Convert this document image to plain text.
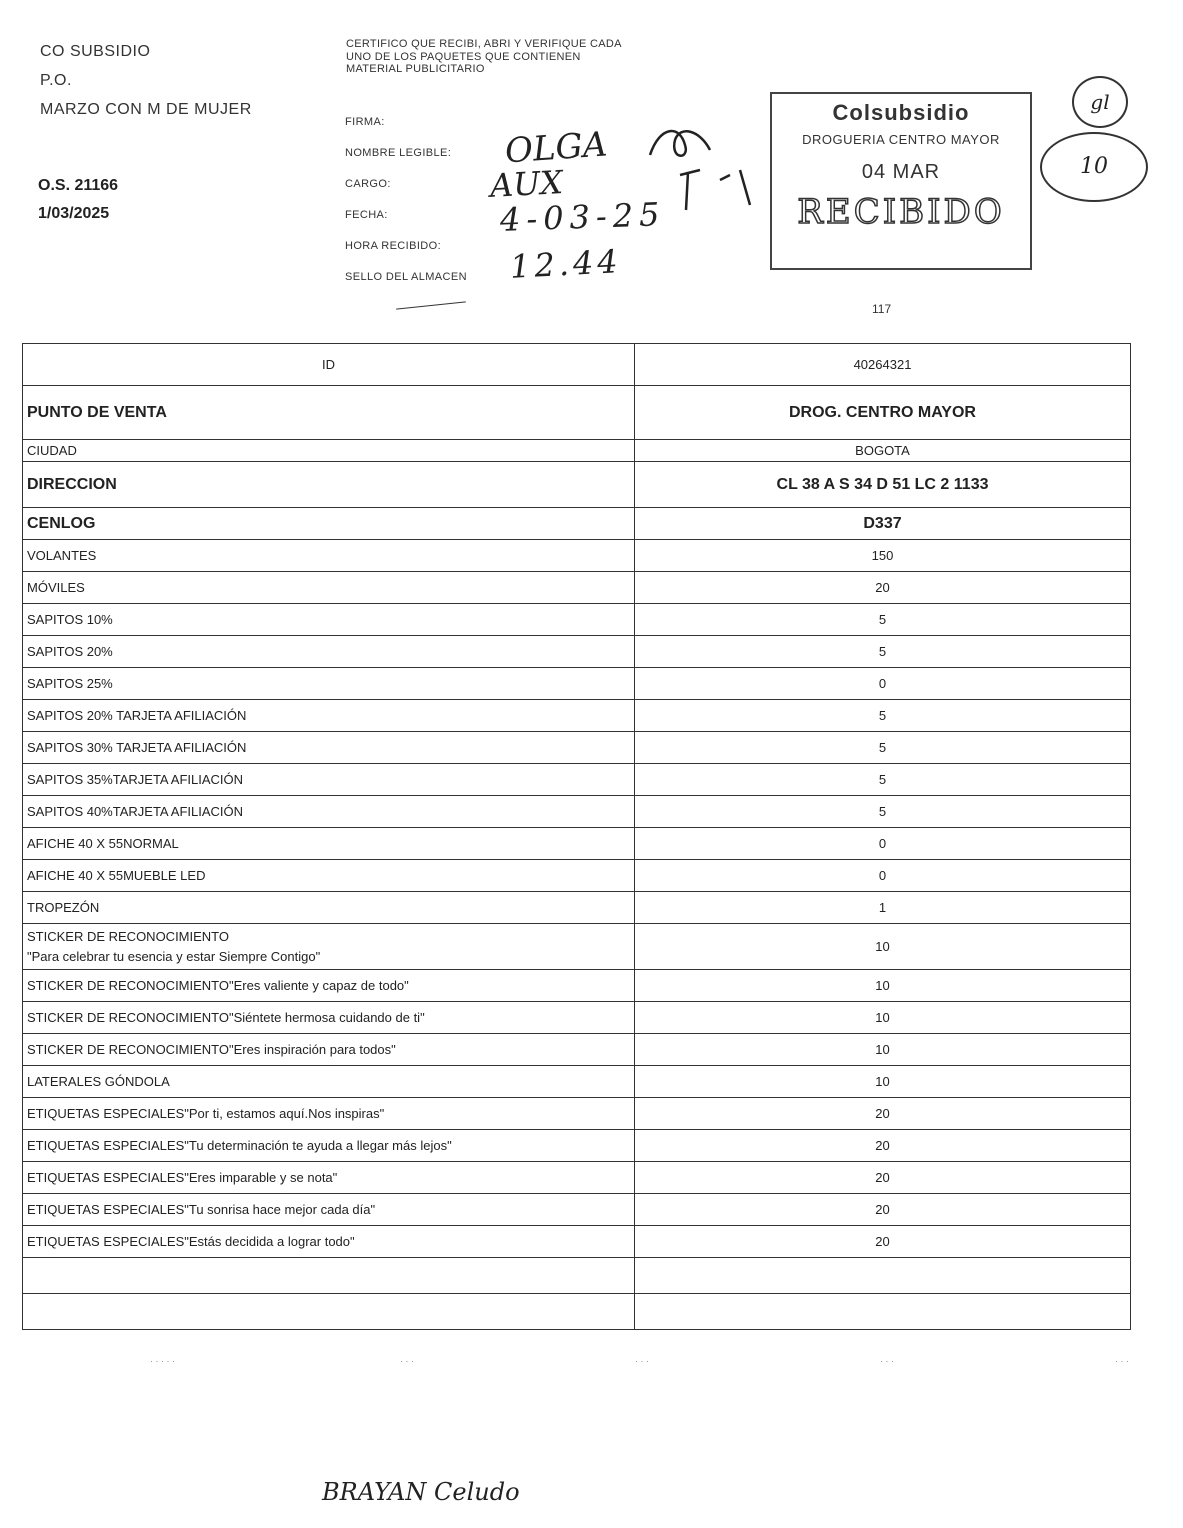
CO SUBSIDIO
P.O.
MARZO CON M DE MUJER
O.S. 21166
1/03/2025
CERTIFICO QUE RECIBI, ABRI Y VERIFIQUE CADA UNO DE LOS PAQUETES QUE CONTIENEN MATERIAL PUBLICITARIO
FIRMA:
NOMBRE LEGIBLE:
CARGO:
FECHA:
HORA RECIBIDO:
SELLO DEL ALMACEN
OLGA
AUX
4-03-25
12.44
Colsubsidio
DROGUERIA CENTRO MAYOR
04 MAR
RECIBIDO
gl
10
117
ID	40264321
PUNTO DE VENTA	DROG. CENTRO MAYOR
CIUDAD	BOGOTA
DIRECCION	CL 38 A S 34 D 51 LC 2 1133
CENLOG	D337
VOLANTES	150
MÓVILES	20
SAPITOS 10%	5
SAPITOS 20%	5
SAPITOS 25%	0
SAPITOS 20% TARJETA AFILIACIÓN	5
SAPITOS 30% TARJETA AFILIACIÓN	5
SAPITOS 35%TARJETA AFILIACIÓN	5
SAPITOS 40%TARJETA AFILIACIÓN	5
AFICHE 40 X 55NORMAL	0
AFICHE 40 X 55MUEBLE LED	0
TROPEZÓN	1
STICKER DE RECONOCIMIENTO
"Para celebrar tu esencia y estar Siempre Contigo"	10
STICKER DE RECONOCIMIENTO"Eres valiente y capaz de todo"	10
STICKER DE RECONOCIMIENTO"Siéntete hermosa cuidando de ti"	10
STICKER DE RECONOCIMIENTO"Eres inspiración para todos"	10
LATERALES GÓNDOLA	10
ETIQUETAS ESPECIALES"Por ti, estamos aquí.Nos inspiras"	20
ETIQUETAS ESPECIALES"Tu determinación te ayuda a llegar más lejos"	20
ETIQUETAS ESPECIALES"Eres imparable y se nota"	20
ETIQUETAS ESPECIALES"Tu sonrisa hace mejor cada día"	20
ETIQUETAS ESPECIALES"Estás decidida a lograr todo"	20

· · · · ·	· · ·	· · ·	· · ·	· · ·
BRAYAN Celudo
